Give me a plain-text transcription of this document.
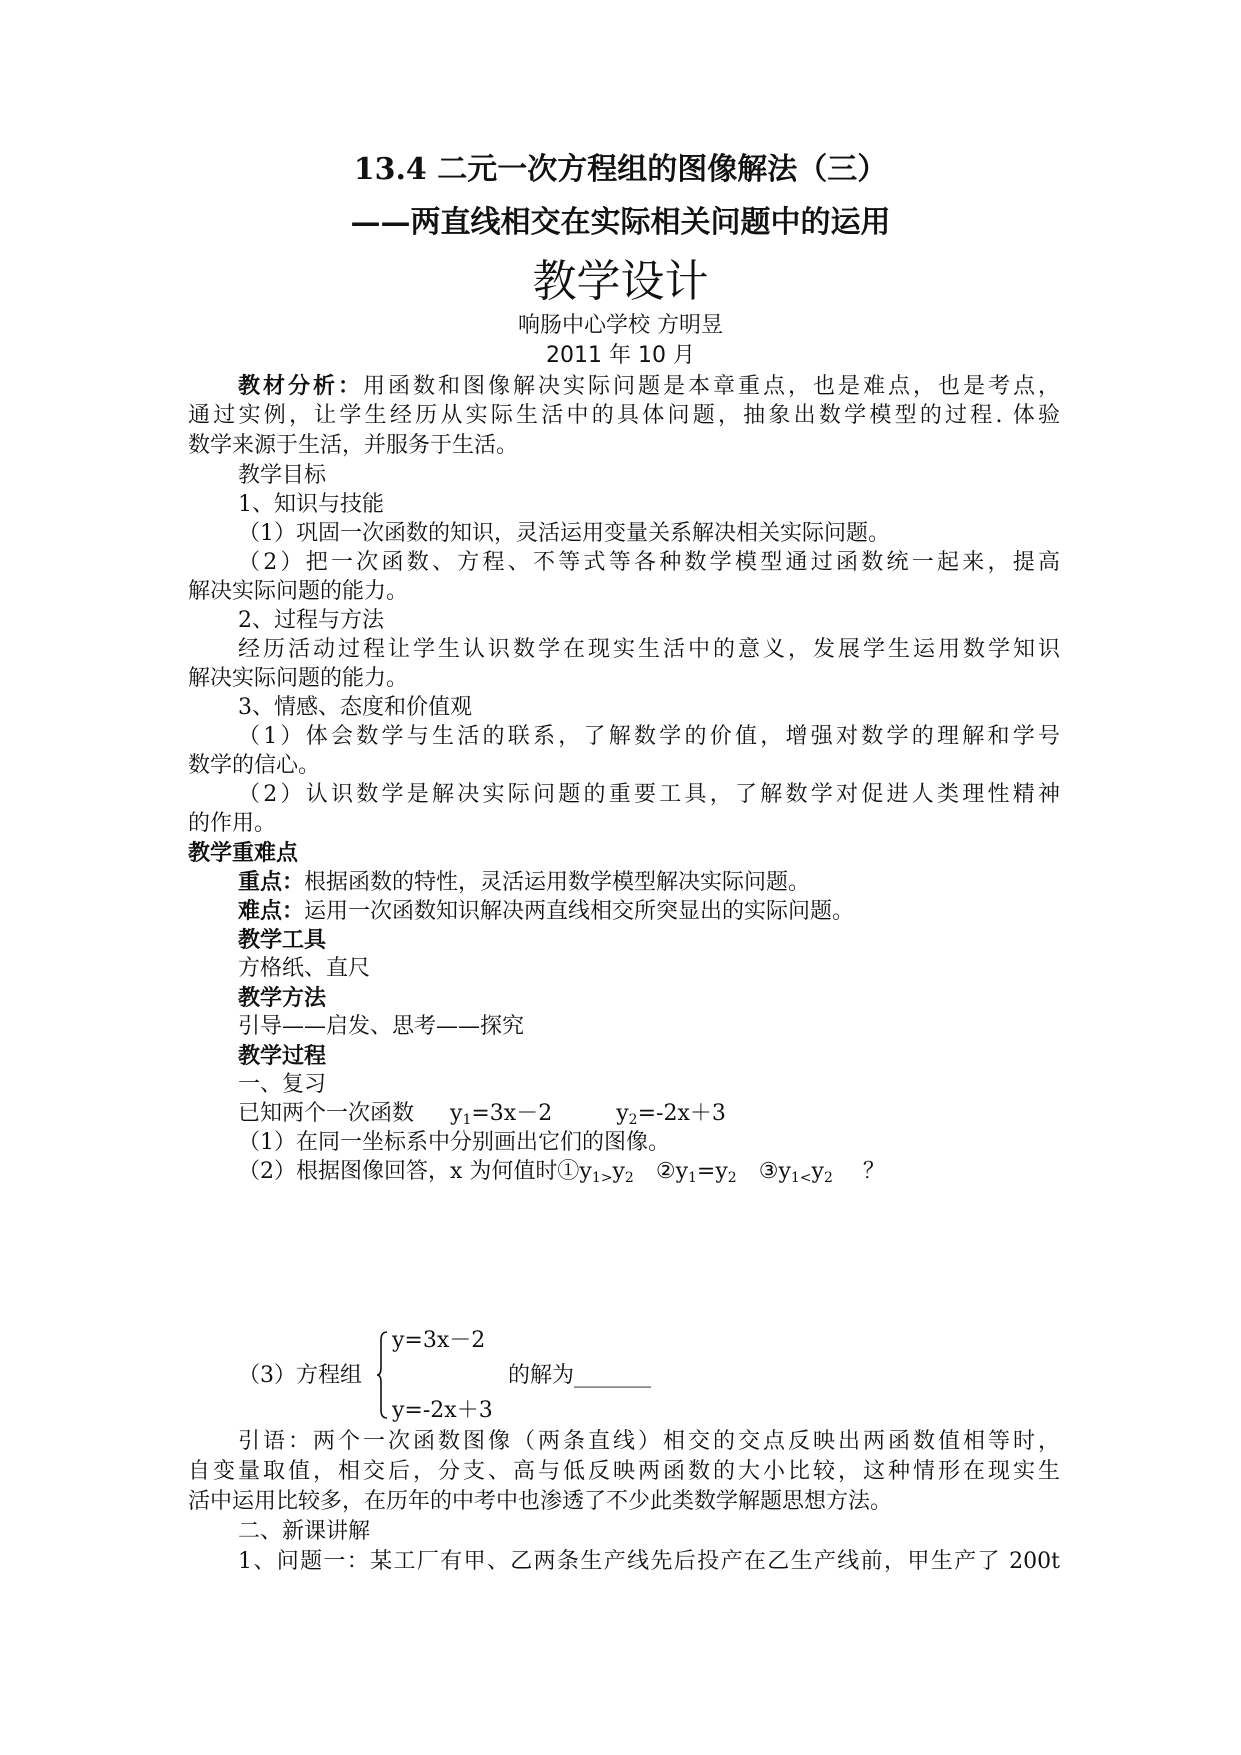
13.4 二元一次方程组的图像解法（三）
——两直线相交在实际相关问题中的运用
教学设计
响肠中心学校 方明昱
2011 年 10 月
教材分析：用函数和图像解决实际问题是本章重点，也是难点，也是考点，
通过实例，让学生经历从实际生活中的具体问题，抽象出数学模型的过程. 体验
数学来源于生活，并服务于生活。
教学目标
1、知识与技能
（1）巩固一次函数的知识，灵活运用变量关系解决相关实际问题。
（2）把一次函数、方程、不等式等各种数学模型通过函数统一起来，提高
解决实际问题的能力。
2、过程与方法
经历活动过程让学生认识数学在现实生活中的意义，发展学生运用数学知识
解决实际问题的能力。
3、情感、态度和价值观
（1）体会数学与生活的联系，了解数学的价值，增强对数学的理解和学号
数学的信心。
（2）认识数学是解决实际问题的重要工具，了解数学对促进人类理性精神
的作用。
教学重难点
重点：根据函数的特性，灵活运用数学模型解决实际问题。
难点：运用一次函数知识解决两直线相交所突显出的实际问题。
教学工具
方格纸、直尺
教学方法
引导——启发、思考——探究
教学过程
一、复习
已知两个一次函数 $y_1=3x-2$	$y_2=-2x+3$
（1）在同一坐标系中分别画出它们的图像。
（2）根据图像回答，x 为何值时$①y_{1>}y_2$ $②y_1=y_2$ $③y_{1<}y_2$ ？
y=3x－2
（3）方程组	的解为_______
y=-2x＋3
引语：两个一次函数图像（两条直线）相交的交点反映出两函数值相等时，
自变量取值，相交后，分支、高与低反映两函数的大小比较，这种情形在现实生
活中运用比较多，在历年的中考中也渗透了不少此类数学解题思想方法。
二、新课讲解
1、问题一：某工厂有甲、乙两条生产线先后投产在乙生产线前，甲生产了 200t
